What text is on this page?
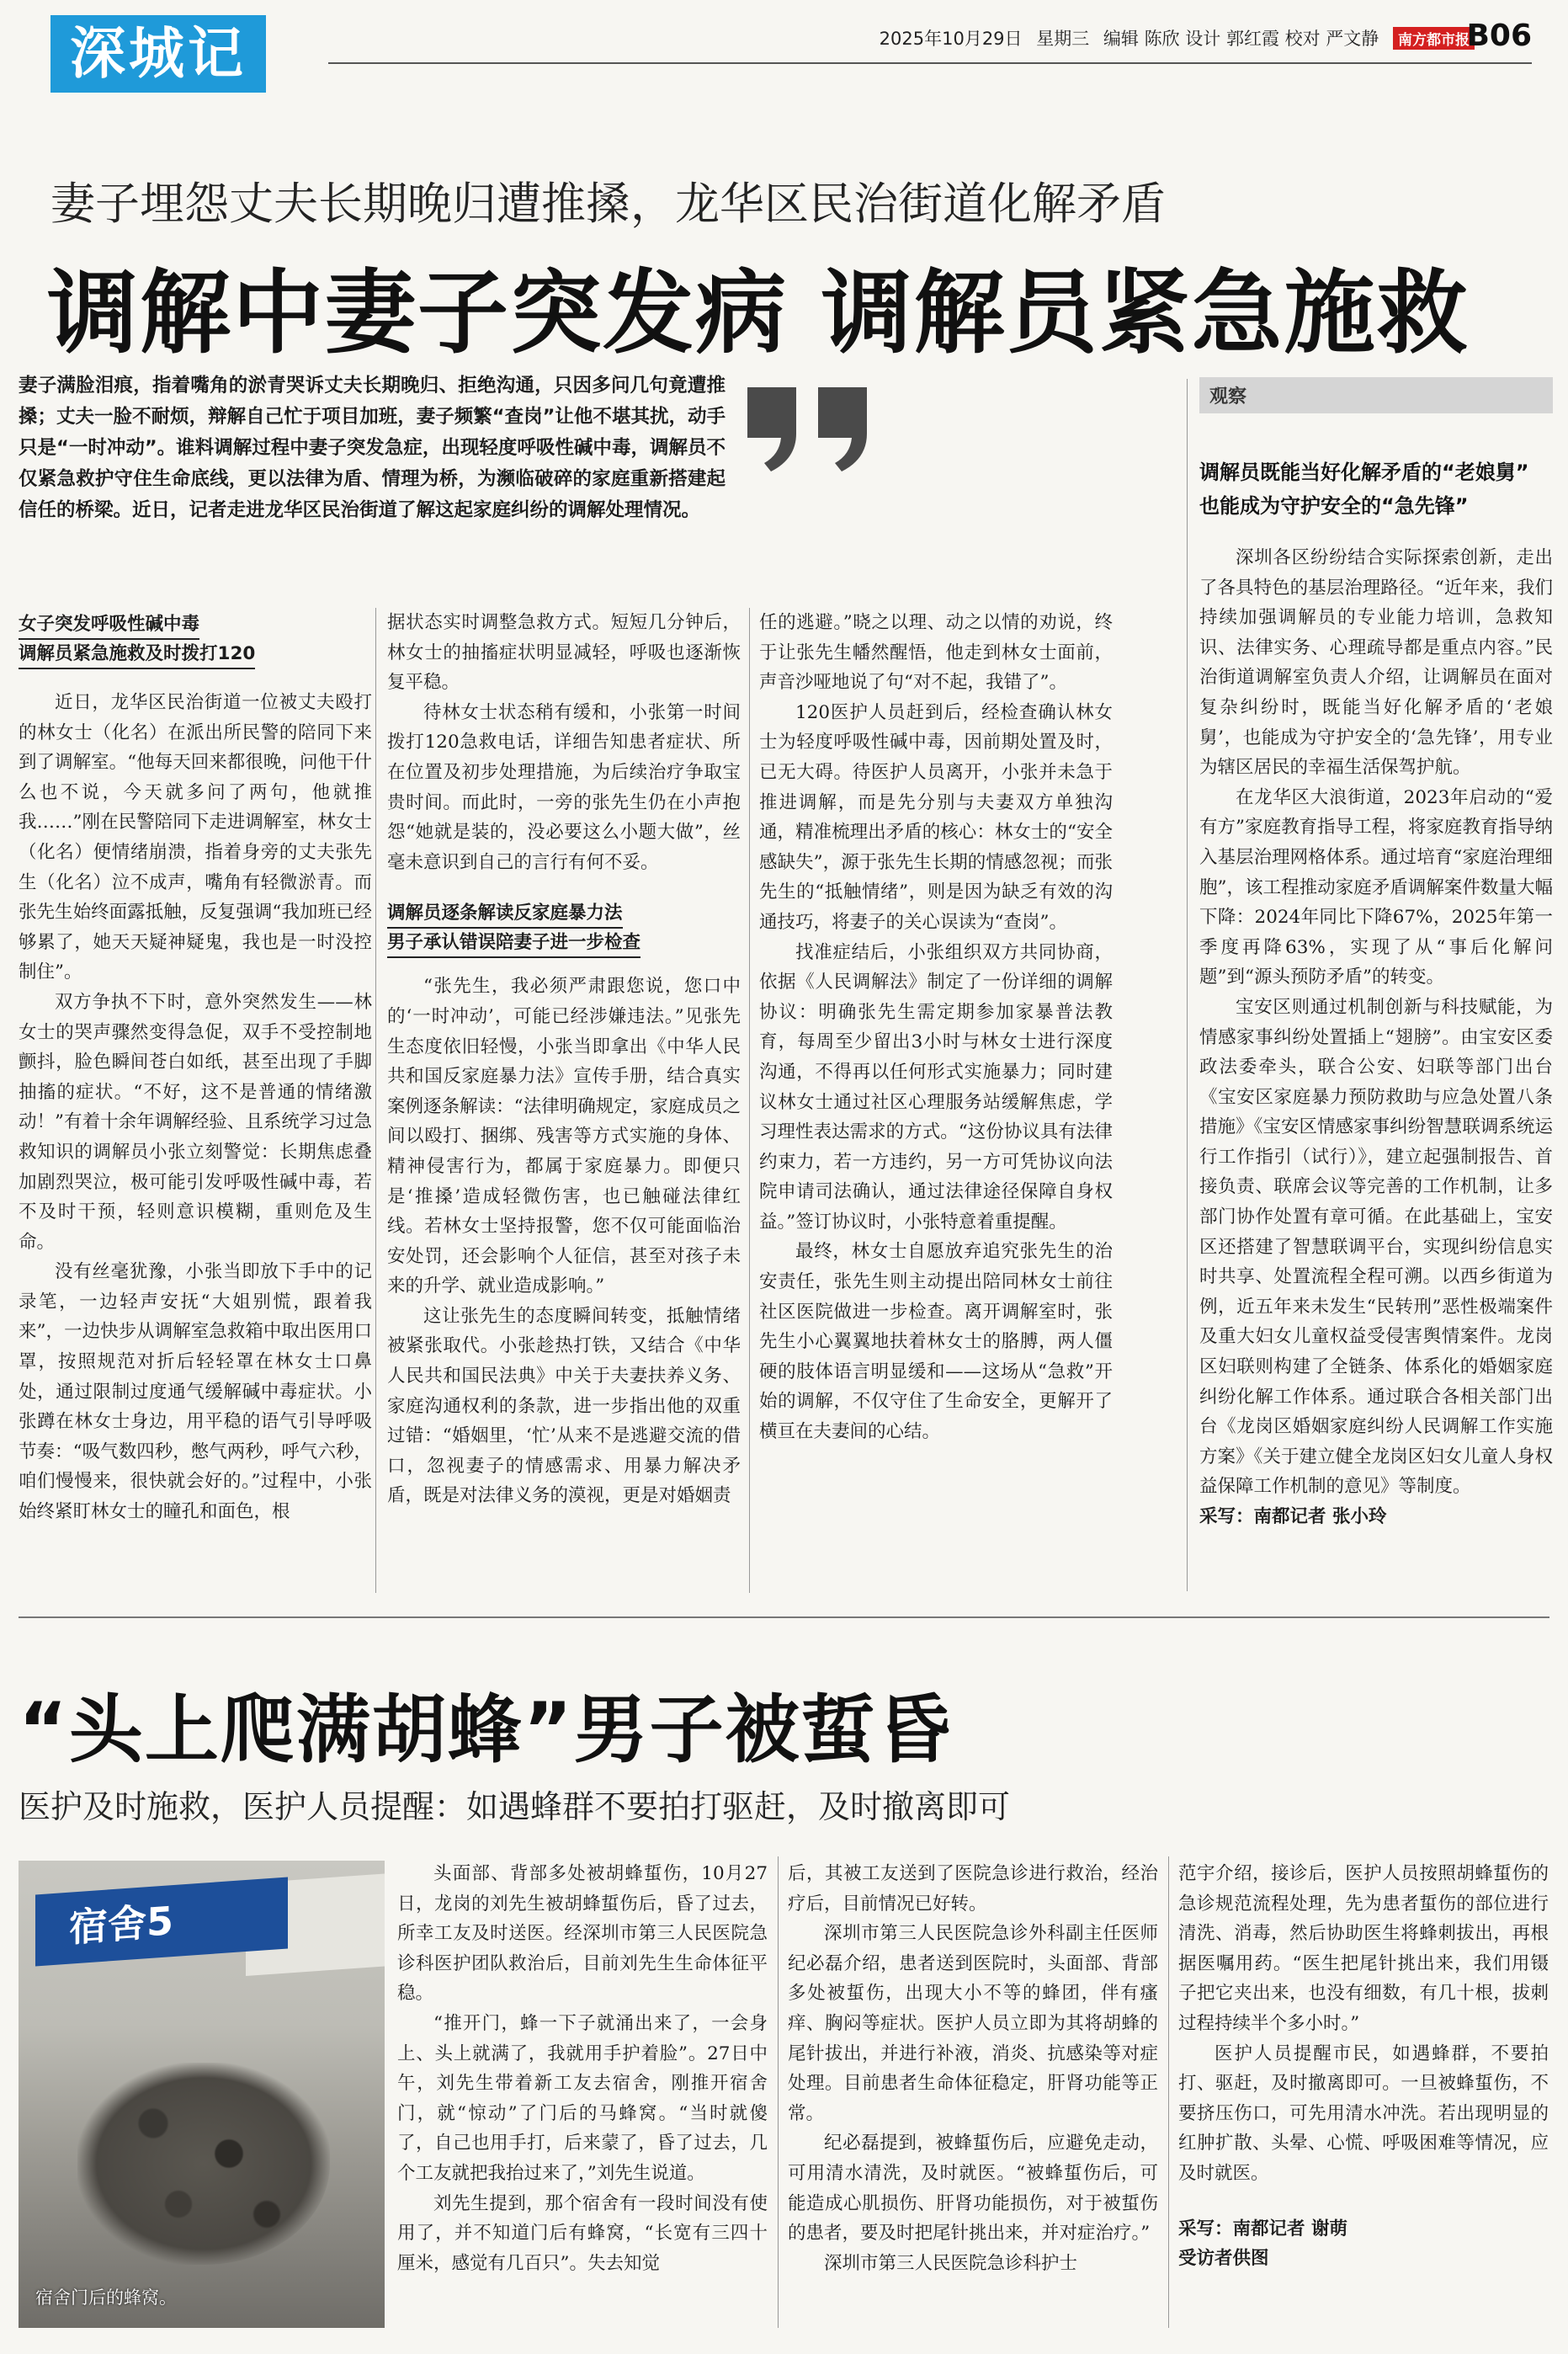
深城记	2025年10月29日 星期三 编辑 陈欣 设计 郭红霞 校对 严文静 南方都市报
B06
妻子埋怨丈夫长期晚归遭推搡，龙华区民治街道化解矛盾
调解中妻子突发病 调解员紧急施救
妻子满脸泪痕，指着嘴角的淤青哭诉丈夫长期晚归、拒绝沟通，只因多问几句竟遭推搡；丈夫一脸不耐烦，辩解自己忙于项目加班，妻子频繁“查岗”让他不堪其扰，动手只是“一时冲动”。谁料调解过程中妻子突发急症，出现轻度呼吸性碱中毒，调解员不仅紧急救护守住生命底线，更以法律为盾、情理为桥，为濒临破碎的家庭重新搭建起信任的桥梁。近日，记者走进龙华区民治街道了解这起家庭纠纷的调解处理情况。

女子突发呼吸性碱中毒
调解员紧急施救及时拨打120

近日，龙华区民治街道一位被丈夫殴打的林女士（化名）在派出所民警的陪同下来到了调解室。“他每天回来都很晚，问他干什么也不说，今天就多问了两句，他就推我……”刚在民警陪同下走进调解室，林女士（化名）便情绪崩溃，指着身旁的丈夫张先生（化名）泣不成声，嘴角有轻微淤青。而张先生始终面露抵触，反复强调“我加班已经够累了，她天天疑神疑鬼，我也是一时没控制住”。

双方争执不下时，意外突然发生——林女士的哭声骤然变得急促，双手不受控制地颤抖，脸色瞬间苍白如纸，甚至出现了手脚抽搐的症状。“不好，这不是普通的情绪激动！”有着十余年调解经验、且系统学习过急救知识的调解员小张立刻警觉：长期焦虑叠加剧烈哭泣，极可能引发呼吸性碱中毒，若不及时干预，轻则意识模糊，重则危及生命。

没有丝毫犹豫，小张当即放下手中的记录笔，一边轻声安抚“大姐别慌，跟着我来”，一边快步从调解室急救箱中取出医用口罩，按照规范对折后轻轻罩在林女士口鼻处，通过限制过度通气缓解碱中毒症状。小张蹲在林女士身边，用平稳的语气引导呼吸节奏：“吸气数四秒，憋气两秒，呼气六秒，咱们慢慢来，很快就会好的。”过程中，小张始终紧盯林女士的瞳孔和面色，根

据状态实时调整急救方式。短短几分钟后，林女士的抽搐症状明显减轻，呼吸也逐渐恢复平稳。

待林女士状态稍有缓和，小张第一时间拨打120急救电话，详细告知患者症状、所在位置及初步处理措施，为后续治疗争取宝贵时间。而此时，一旁的张先生仍在小声抱怨“她就是装的，没必要这么小题大做”，丝毫未意识到自己的言行有何不妥。

调解员逐条解读反家庭暴力法
男子承认错误陪妻子进一步检查

“张先生，我必须严肃跟您说，您口中的‘一时冲动’，可能已经涉嫌违法。”见张先生态度依旧轻慢，小张当即拿出《中华人民共和国反家庭暴力法》宣传手册，结合真实案例逐条解读：“法律明确规定，家庭成员之间以殴打、捆绑、残害等方式实施的身体、精神侵害行为，都属于家庭暴力。即便只是‘推搡’造成轻微伤害，也已触碰法律红线。若林女士坚持报警，您不仅可能面临治安处罚，还会影响个人征信，甚至对孩子未来的升学、就业造成影响。”

这让张先生的态度瞬间转变，抵触情绪被紧张取代。小张趁热打铁，又结合《中华人民共和国民法典》中关于夫妻扶养义务、家庭沟通权利的条款，进一步指出他的双重过错：“婚姻里，‘忙’从来不是逃避交流的借口，忽视妻子的情感需求、用暴力解决矛盾，既是对法律义务的漠视，更是对婚姻责

任的逃避。”晓之以理、动之以情的劝说，终于让张先生幡然醒悟，他走到林女士面前，声音沙哑地说了句“对不起，我错了”。

120医护人员赶到后，经检查确认林女士为轻度呼吸性碱中毒，因前期处置及时，已无大碍。待医护人员离开，小张并未急于推进调解，而是先分别与夫妻双方单独沟通，精准梳理出矛盾的核心：林女士的“安全感缺失”，源于张先生长期的情感忽视；而张先生的“抵触情绪”，则是因为缺乏有效的沟通技巧，将妻子的关心误读为“查岗”。

找准症结后，小张组织双方共同协商，依据《人民调解法》制定了一份详细的调解协议：明确张先生需定期参加家暴普法教育，每周至少留出3小时与林女士进行深度沟通，不得再以任何形式实施暴力；同时建议林女士通过社区心理服务站缓解焦虑，学习理性表达需求的方式。“这份协议具有法律约束力，若一方违约，另一方可凭协议向法院申请司法确认，通过法律途径保障自身权益。”签订协议时，小张特意着重提醒。

最终，林女士自愿放弃追究张先生的治安责任，张先生则主动提出陪同林女士前往社区医院做进一步检查。离开调解室时，张先生小心翼翼地扶着林女士的胳膊，两人僵硬的肢体语言明显缓和——这场从“急救”开始的调解，不仅守住了生命安全，更解开了横亘在夫妻间的心结。

观察
调解员既能当好化解矛盾的“老娘舅”
也能成为守护安全的“急先锋”

深圳各区纷纷结合实际探索创新，走出了各具特色的基层治理路径。“近年来，我们持续加强调解员的专业能力培训，急救知识、法律实务、心理疏导都是重点内容。”民治街道调解室负责人介绍，让调解员在面对复杂纠纷时，既能当好化解矛盾的‘老娘舅’，也能成为守护安全的‘急先锋’，用专业为辖区居民的幸福生活保驾护航。

在龙华区大浪街道，2023年启动的“爱有方”家庭教育指导工程，将家庭教育指导纳入基层治理网格体系。通过培育“家庭治理细胞”，该工程推动家庭矛盾调解案件数量大幅下降：2024年同比下降67%，2025年第一季度再降63%，实现了从“事后化解问题”到“源头预防矛盾”的转变。

宝安区则通过机制创新与科技赋能，为情感家事纠纷处置插上“翅膀”。由宝安区委政法委牵头，联合公安、妇联等部门出台《宝安区家庭暴力预防救助与应急处置八条措施》《宝安区情感家事纠纷智慧联调系统运行工作指引（试行）》，建立起强制报告、首接负责、联席会议等完善的工作机制，让多部门协作处置有章可循。在此基础上，宝安区还搭建了智慧联调平台，实现纠纷信息实时共享、处置流程全程可溯。以西乡街道为例，近五年来未发生“民转刑”恶性极端案件及重大妇女儿童权益受侵害舆情案件。龙岗区妇联则构建了全链条、体系化的婚姻家庭纠纷化解工作体系。通过联合各相关部门出台《龙岗区婚姻家庭纠纷人民调解工作实施方案》《关于建立健全龙岗区妇女儿童人身权益保障工作机制的意见》等制度。

采写：南都记者 张小玲

“头上爬满胡蜂”男子被蜇昏
医护及时施救，医护人员提醒：如遇蜂群不要拍打驱赶，及时撤离即可
宿舍5
宿舍门后的蜂窝。

头面部、背部多处被胡蜂蜇伤，10月27日，龙岗的刘先生被胡蜂蜇伤后，昏了过去，所幸工友及时送医。经深圳市第三人民医院急诊科医护团队救治后，目前刘先生生命体征平稳。

“推开门，蜂一下子就涌出来了，一会身上、头上就满了，我就用手护着脸”。27日中午，刘先生带着新工友去宿舍，刚推开宿舍门，就“惊动”了门后的马蜂窝。“当时就傻了，自己也用手打，后来蒙了，昏了过去，几个工友就把我抬过来了，”刘先生说道。

刘先生提到，那个宿舍有一段时间没有使用了，并不知道门后有蜂窝，“长宽有三四十厘米，感觉有几百只”。失去知觉

后，其被工友送到了医院急诊进行救治，经治疗后，目前情况已好转。

深圳市第三人民医院急诊外科副主任医师纪必磊介绍，患者送到医院时，头面部、背部多处被蜇伤，出现大小不等的蜂团，伴有瘙痒、胸闷等症状。医护人员立即为其将胡蜂的尾针拔出，并进行补液，消炎、抗感染等对症处理。目前患者生命体征稳定，肝肾功能等正常。

纪必磊提到，被蜂蜇伤后，应避免走动，可用清水清洗，及时就医。“被蜂蜇伤后，可能造成心肌损伤、肝肾功能损伤，对于被蜇伤的患者，要及时把尾针挑出来，并对症治疗。”

深圳市第三人民医院急诊科护士

范宇介绍，接诊后，医护人员按照胡蜂蜇伤的急诊规范流程处理，先为患者蜇伤的部位进行清洗、消毒，然后协助医生将蜂刺拔出，再根据医嘱用药。“医生把尾针挑出来，我们用镊子把它夹出来，也没有细数，有几十根，拔刺过程持续半个多小时。”

医护人员提醒市民，如遇蜂群，不要拍打、驱赶，及时撤离即可。一旦被蜂蜇伤，不要挤压伤口，可先用清水冲洗。若出现明显的红肿扩散、头晕、心慌、呼吸困难等情况，应及时就医。

采写：南都记者 谢萌

受访者供图
